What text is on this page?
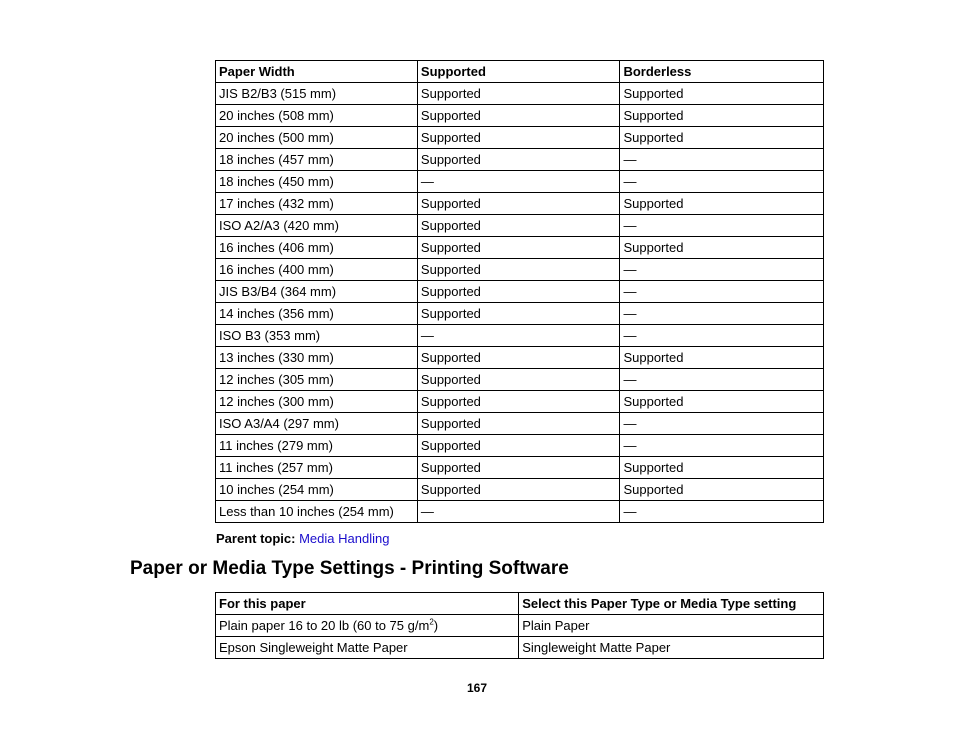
Paper Width	Supported	Borderless
JIS B2/B3 (515 mm)	Supported	Supported
20 inches (508 mm)	Supported	Supported
20 inches (500 mm)	Supported	Supported
18 inches (457 mm)	Supported	—
18 inches (450 mm)	—	—
17 inches (432 mm)	Supported	Supported
ISO A2/A3 (420 mm)	Supported	—
16 inches (406 mm)	Supported	Supported
16 inches (400 mm)	Supported	—
JIS B3/B4 (364 mm)	Supported	—
14 inches (356 mm)	Supported	—
ISO B3 (353 mm)	—	—
13 inches (330 mm)	Supported	Supported
12 inches (305 mm)	Supported	—
12 inches (300 mm)	Supported	Supported
ISO A3/A4 (297 mm)	Supported	—
11 inches (279 mm)	Supported	—
11 inches (257 mm)	Supported	Supported
10 inches (254 mm)	Supported	Supported
Less than 10 inches (254 mm)	—	—
Parent topic: Media Handling
Paper or Media Type Settings - Printing Software
For this paper	Select this Paper Type or Media Type setting
Plain paper 16 to 20 lb (60 to 75 $g/m^2$)	Plain Paper
Epson Singleweight Matte Paper	Singleweight Matte Paper
167
